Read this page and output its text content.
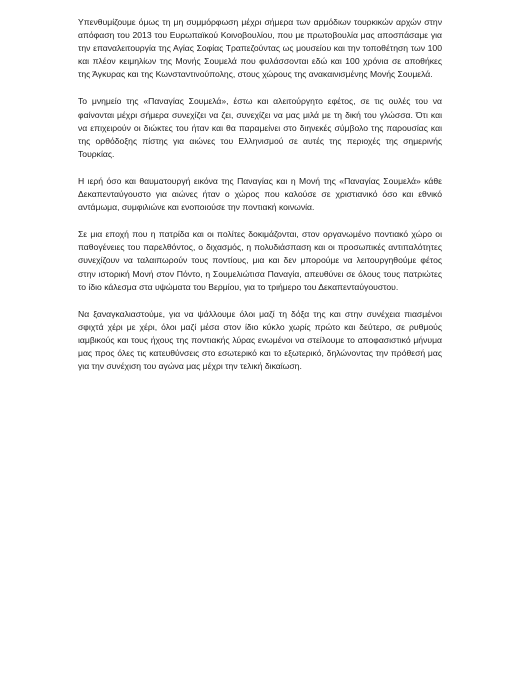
Υπενθυμίζουμε όμως τη μη συμμόρφωση μέχρι σήμερα των αρμόδιων τουρκικών αρχών στην απόφαση του 2013 του Ευρωπαϊκού Κοινοβουλίου, που με πρωτοβουλία μας αποσπάσαμε για την επαναλειτουργία της Αγίας Σοφίας Τραπεζούντας ως μουσείου και την τοποθέτηση των 100 και πλέον κειμηλίων της Μονής Σουμελά που φυλάσσονται εδώ και 100 χρόνια σε αποθήκες της Άγκυρας και της Κωνσταντινούπολης, στους χώρους της ανακαινισμένης Μονής Σουμελά.

Το μνημείο της «Παναγίας Σουμελά», έστω και αλειτούργητο εφέτος, σε τις ουλές του να φαίνονται μέχρι σήμερα συνεχίζει να ζει, συνεχίζει να μας μιλά με τη δική του γλώσσα. Ότι και να επιχειρούν οι διώκτες του ήταν και θα παραμείνει στο διηνεκές σύμβολο της παρουσίας και της ορθόδοξης πίστης για αιώνες του Ελληνισμού σε αυτές της περιοχές της σημερινής Τουρκίας.

Η ιερή όσο και θαυματουργή εικόνα της Παναγίας και η Μονή της «Παναγίας Σουμελά» κάθε Δεκαπενταύγουστο για αιώνες ήταν ο χώρος που καλούσε σε χριστιανικό όσο και εθνικό αντάμωμα, συμφιλιώνε και ενοποιούσε την ποντιακή κοινωνία.

Σε μια εποχή που η πατρίδα και οι πολίτες δοκιμάζονται, στον οργανωμένο ποντιακό χώρο οι παθογένειες του παρελθόντος, ο διχασμός, η πολυδιάσπαση και οι προσωπικές αντιπαλότητες συνεχίζουν να ταλαιπωρούν τους ποντίους, μια και δεν μπορούμε να λειτουργηθούμε φέτος στην ιστορική Μονή στον Πόντο, η Σουμελιώτισα Παναγία, απευθύνει σε όλους τους πατριώτες το ίδιο κάλεσμα στα υψώματα του Βερμίου, για το τριήμερο του Δεκαπενταύγουστου.

Να ξαναγκαλιαστούμε, για να ψάλλουμε όλοι μαζί τη δόξα της και στην συνέχεια πιασμένοι σφιχτά χέρι με χέρι, όλοι μαζί μέσα στον ίδιο κύκλο χωρίς πρώτο και δεύτερο, σε ρυθμούς ιαμβικούς και τους ήχους της ποντιακής λύρας ενωμένοι να στείλουμε το αποφασιστικό μήνυμα μας προς όλες τις κατευθύνσεις στο εσωτερικό και το εξωτερικό, δηλώνοντας την πρόθεσή μας για την συνέχιση του αγώνα μας μέχρι την τελική δικαίωση.
